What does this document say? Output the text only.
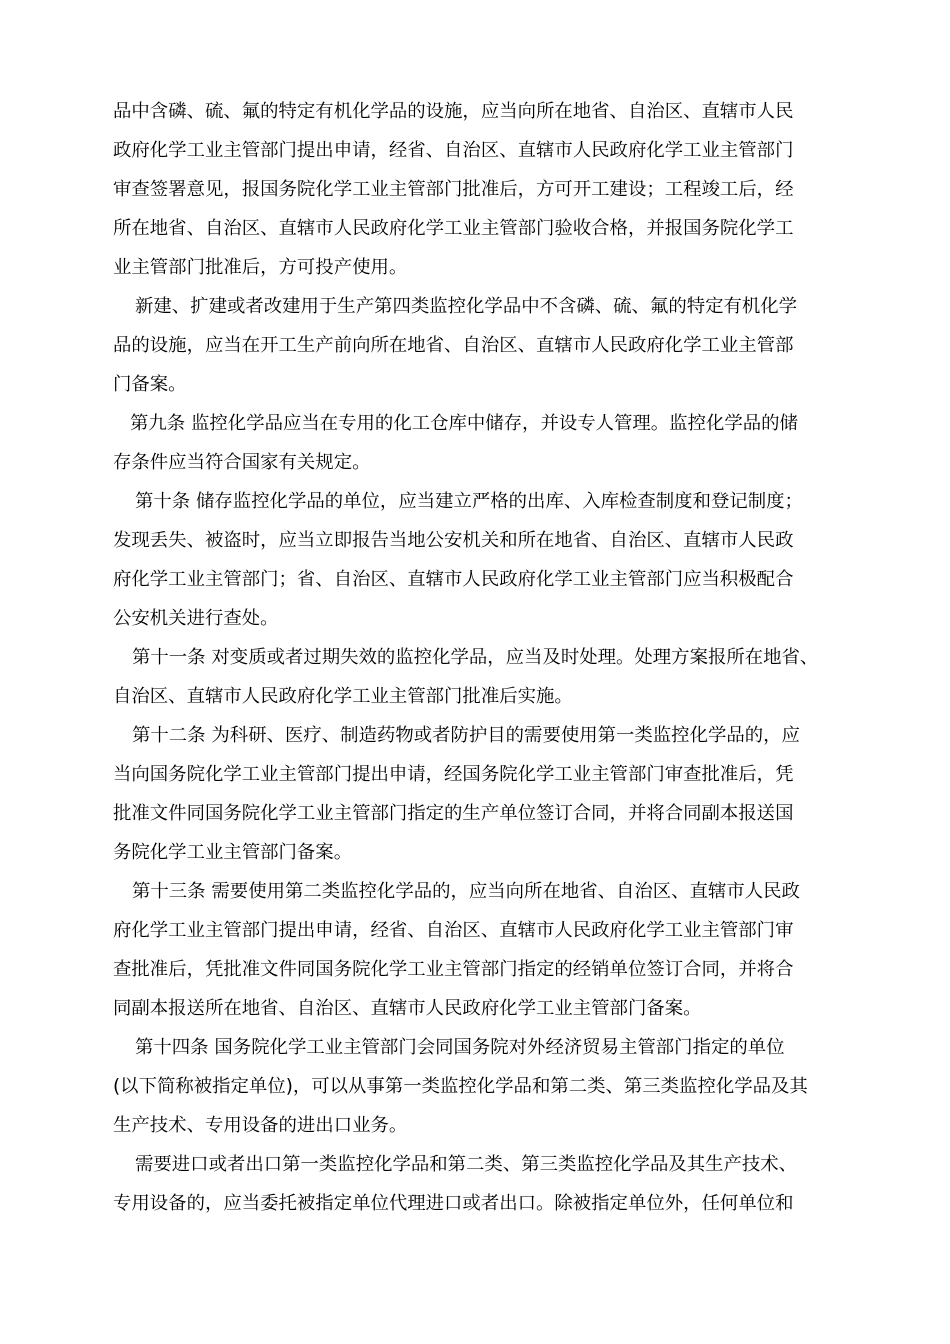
品中含磷、硫、氟的特定有机化学品的设施，应当向所在地省、自治区、直辖市人民
政府化学工业主管部门提出申请，经省、自治区、直辖市人民政府化学工业主管部门
审查签署意见，报国务院化学工业主管部门批准后，方可开工建设；工程竣工后，经
所在地省、自治区、直辖市人民政府化学工业主管部门验收合格，并报国务院化学工
业主管部门批准后，方可投产使用。
新建、扩建或者改建用于生产第四类监控化学品中不含磷、硫、氟的特定有机化学
品的设施，应当在开工生产前向所在地省、自治区、直辖市人民政府化学工业主管部
门备案。
第九条 监控化学品应当在专用的化工仓库中储存，并设专人管理。监控化学品的储
存条件应当符合国家有关规定。
第十条 储存监控化学品的单位，应当建立严格的出库、入库检查制度和登记制度；
发现丢失、被盗时，应当立即报告当地公安机关和所在地省、自治区、直辖市人民政
府化学工业主管部门；省、自治区、直辖市人民政府化学工业主管部门应当积极配合
公安机关进行查处。
第十一条 对变质或者过期失效的监控化学品，应当及时处理。处理方案报所在地省、
自治区、直辖市人民政府化学工业主管部门批准后实施。
第十二条 为科研、医疗、制造药物或者防护目的需要使用第一类监控化学品的，应
当向国务院化学工业主管部门提出申请，经国务院化学工业主管部门审查批准后，凭
批准文件同国务院化学工业主管部门指定的生产单位签订合同，并将合同副本报送国
务院化学工业主管部门备案。
第十三条 需要使用第二类监控化学品的，应当向所在地省、自治区、直辖市人民政
府化学工业主管部门提出申请，经省、自治区、直辖市人民政府化学工业主管部门审
查批准后，凭批准文件同国务院化学工业主管部门指定的经销单位签订合同，并将合
同副本报送所在地省、自治区、直辖市人民政府化学工业主管部门备案。
第十四条 国务院化学工业主管部门会同国务院对外经济贸易主管部门指定的单位
(以下简称被指定单位)，可以从事第一类监控化学品和第二类、第三类监控化学品及其
生产技术、专用设备的进出口业务。
需要进口或者出口第一类监控化学品和第二类、第三类监控化学品及其生产技术、
专用设备的，应当委托被指定单位代理进口或者出口。除被指定单位外，任何单位和
